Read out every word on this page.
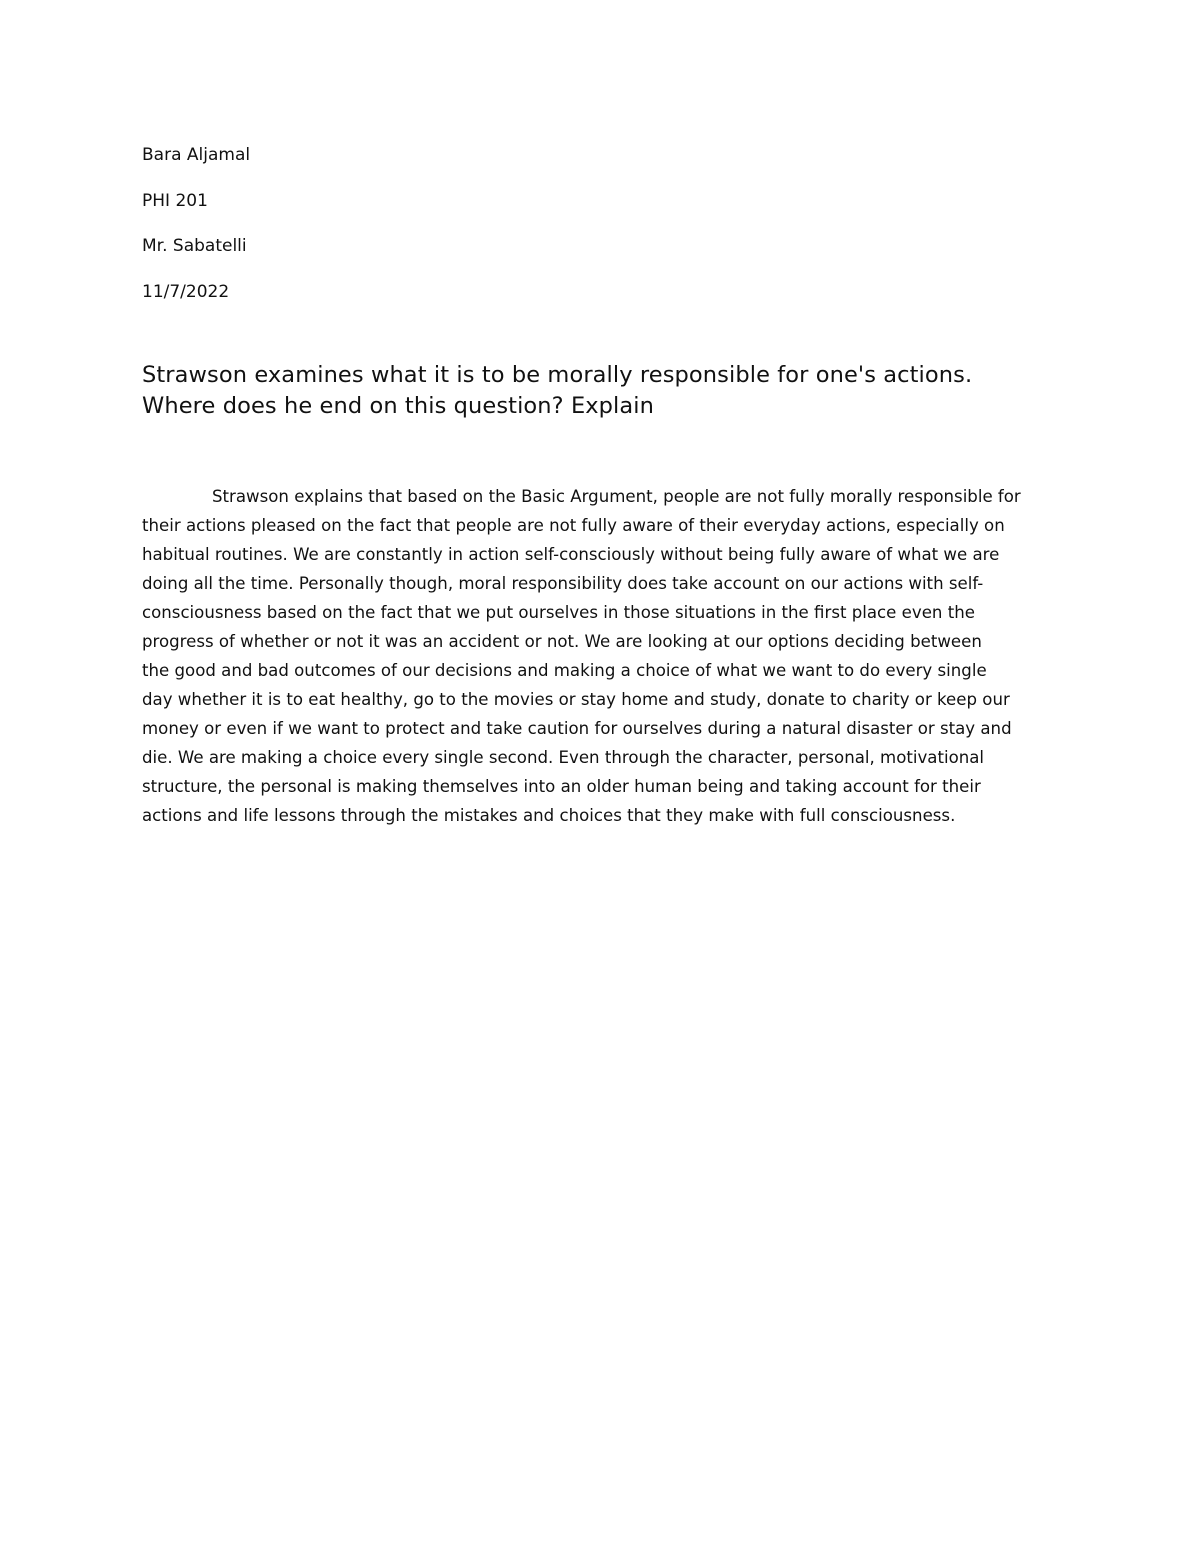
Bara Aljamal

PHI 201

Mr. Sabatelli

11/7/2022

Strawson examines what it is to be morally responsible for one's actions.
Where does he end on this question? Explain

Strawson explains that based on the Basic Argument, people are not fully morally responsible for
their actions pleased on the fact that people are not fully aware of their everyday actions, especially on
habitual routines. We are constantly in action self-consciously without being fully aware of what we are
doing all the time. Personally though, moral responsibility does take account on our actions with self-
consciousness based on the fact that we put ourselves in those situations in the first place even the
progress of whether or not it was an accident or not. We are looking at our options deciding between
the good and bad outcomes of our decisions and making a choice of what we want to do every single
day whether it is to eat healthy, go to the movies or stay home and study, donate to charity or keep our
money or even if we want to protect and take caution for ourselves during a natural disaster or stay and
die. We are making a choice every single second. Even through the character, personal, motivational
structure, the personal is making themselves into an older human being and taking account for their
actions and life lessons through the mistakes and choices that they make with full consciousness.
